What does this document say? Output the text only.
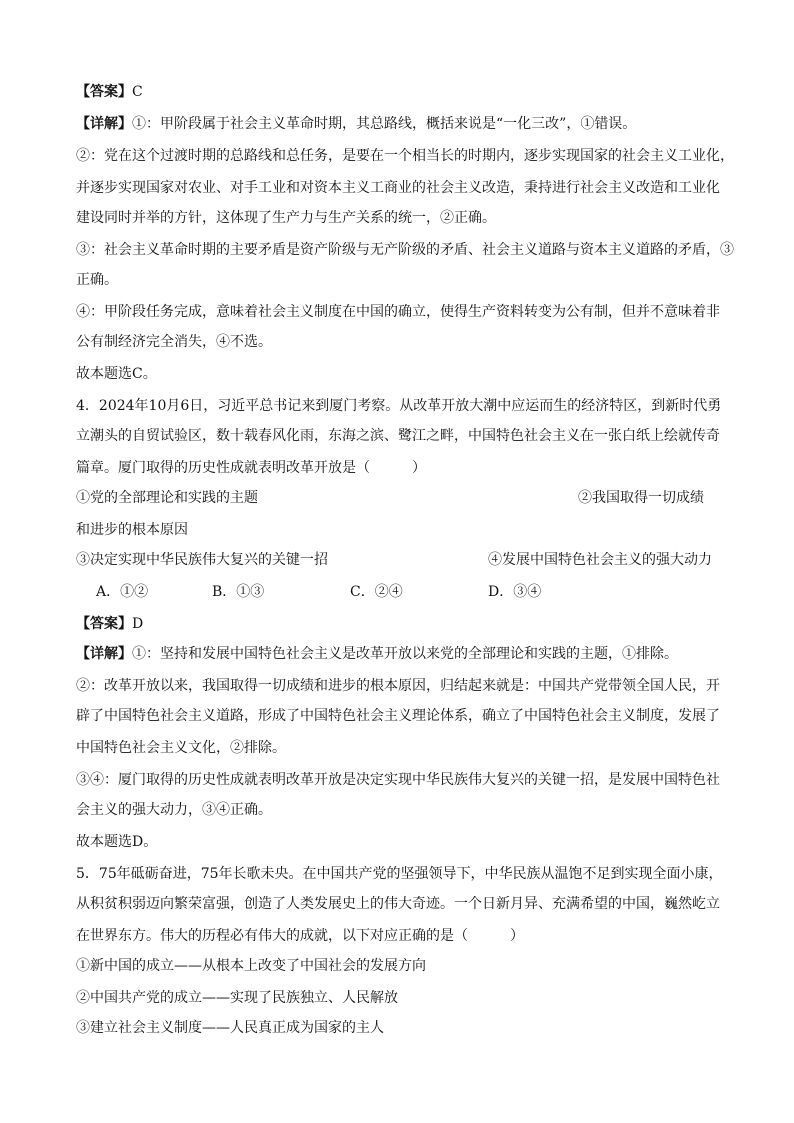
【答案】C
【详解】①：甲阶段属于社会主义革命时期，其总路线，概括来说是“一化三改”，①错误。
②：党在这个过渡时期的总路线和总任务，是要在一个相当长的时期内，逐步实现国家的社会主义工业化，
并逐步实现国家对农业、对手工业和对资本主义工商业的社会主义改造，秉持进行社会主义改造和工业化
建设同时并举的方针，这体现了生产力与生产关系的统一，②正确。
③：社会主义革命时期的主要矛盾是资产阶级与无产阶级的矛盾、社会主义道路与资本主义道路的矛盾，③
正确。
④：甲阶段任务完成，意味着社会主义制度在中国的确立，使得生产资料转变为公有制，但并不意味着非
公有制经济完全消失，④不选。
故本题选C。
4．2024年10月6日，习近平总书记来到厦门考察。从改革开放大潮中应运而生的经济特区，到新时代勇
立潮头的自贸试验区，数十载春风化雨，东海之滨、鹭江之畔，中国特色社会主义在一张白纸上绘就传奇
篇章。厦门取得的历史性成就表明改革开放是（　　　）
①党的全部理论和实践的主题	②我国取得一切成绩
和进步的根本原因
③决定实现中华民族伟大复兴的关键一招	④发展中国特色社会主义的强大动力
A．①②	B．①③	C．②④	D．③④
【答案】D
【详解】①：坚持和发展中国特色社会主义是改革开放以来党的全部理论和实践的主题，①排除。
②：改革开放以来，我国取得一切成绩和进步的根本原因，归结起来就是：中国共产党带领全国人民，开
辟了中国特色社会主义道路，形成了中国特色社会主义理论体系，确立了中国特色社会主义制度，发展了
中国特色社会主义文化，②排除。
③④：厦门取得的历史性成就表明改革开放是决定实现中华民族伟大复兴的关键一招，是发展中国特色社
会主义的强大动力，③④正确。
故本题选D。
5．75年砥砺奋进，75年长歌未央。在中国共产党的坚强领导下，中华民族从温饱不足到实现全面小康，
从积贫积弱迈向繁荣富强，创造了人类发展史上的伟大奇迹。一个日新月异、充满希望的中国，巍然屹立
在世界东方。伟大的历程必有伟大的成就，以下对应正确的是（　　　）
①新中国的成立——从根本上改变了中国社会的发展方向
②中国共产党的成立——实现了民族独立、人民解放
③建立社会主义制度——人民真正成为国家的主人
